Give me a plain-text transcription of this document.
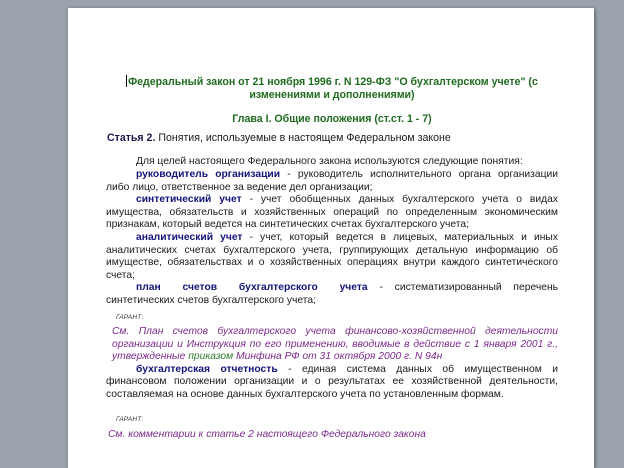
Федеральный закон от 21 ноября 1996 г. N 129-ФЗ "О бухгалтерском учете" (с изменениями и дополнениями)
Глава I. Общие положения (ст.ст. 1 - 7)
Статья 2. Понятия, используемые в настоящем Федеральном законе

Для целей настоящего Федерального закона используются следующие понятия:

руководитель организации - руководитель исполнительного органа организации либо лицо, ответственное за ведение дел организации;

синтетический учет - учет обобщенных данных бухгалтерского учета о видах имущества, обязательств и хозяйственных операций по определенным экономическим признакам, который ведется на синтетических счетах бухгалтерского учета;

аналитический учет - учет, который ведется в лицевых, материальных и иных аналитических счетах бухгалтерского учета, группирующих детальную информацию об имуществе, обязательствах и о хозяйственных операциях внутри каждого синтетического счета;

план счетов бухгалтерского учета - систематизированный перечень синтетических счетов бухгалтерского учета;

ГАРАНТ:

См. План счетов бухгалтерского учета финансово-хозяйственной деятельности организации и Инструкция по его применению, вводимые в действие с 1 января 2001 г., утвержденные приказом Минфина РФ от 31 октября 2000 г. N 94н

бухгалтерская отчетность - единая система данных об имущественном и финансовом положении организации и о результатах ее хозяйственной деятельности, составляемая на основе данных бухгалтерского учета по установленным формам.

ГАРАНТ:
См. комментарии к статье 2 настоящего Федерального закона
